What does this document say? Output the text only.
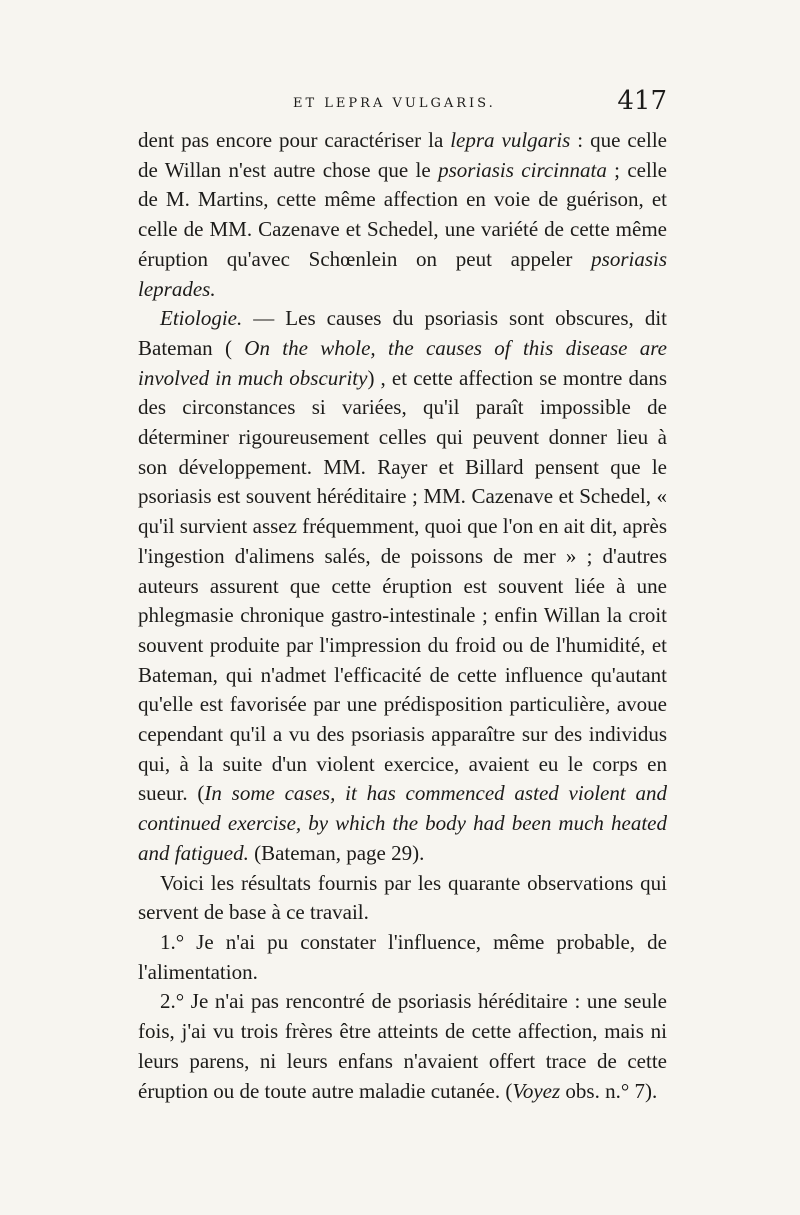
ET LEPRA VULGARIS.	417

dent pas encore pour caractériser la lepra vulgaris : que celle de Willan n'est autre chose que le psoriasis circinnata ; celle de M. Martins, cette même affection en voie de guérison, et celle de MM. Cazenave et Schedel, une variété de cette même éruption qu'avec Schœnlein on peut appeler psoriasis leprades.

Etiologie. — Les causes du psoriasis sont obscures, dit Bateman ( On the whole, the causes of this disease are involved in much obscurity) , et cette affection se montre dans des circonstances si variées, qu'il paraît impossible de déterminer rigoureusement celles qui peuvent donner lieu à son développement. MM. Rayer et Billard pensent que le psoriasis est souvent héréditaire ; MM. Cazenave et Schedel, « qu'il survient assez fréquemment, quoi que l'on en ait dit, après l'ingestion d'alimens salés, de poissons de mer » ; d'autres auteurs assurent que cette éruption est souvent liée à une phlegmasie chronique gastro-intestinale ; enfin Willan la croit souvent produite par l'impression du froid ou de l'humidité, et Bateman, qui n'admet l'efficacité de cette influence qu'autant qu'elle est favorisée par une prédisposition particulière, avoue cependant qu'il a vu des psoriasis apparaître sur des individus qui, à la suite d'un violent exercice, avaient eu le corps en sueur. (In some cases, it has commenced asted violent and continued exercise, by which the body had been much heated and fatigued. (Bateman, page 29).

Voici les résultats fournis par les quarante observations qui servent de base à ce travail.

1.° Je n'ai pu constater l'influence, même probable, de l'alimentation.

2.° Je n'ai pas rencontré de psoriasis héréditaire : une seule fois, j'ai vu trois frères être atteints de cette affection, mais ni leurs parens, ni leurs enfans n'avaient offert trace de cette éruption ou de toute autre maladie cutanée. (Voyez obs. n.° 7).
